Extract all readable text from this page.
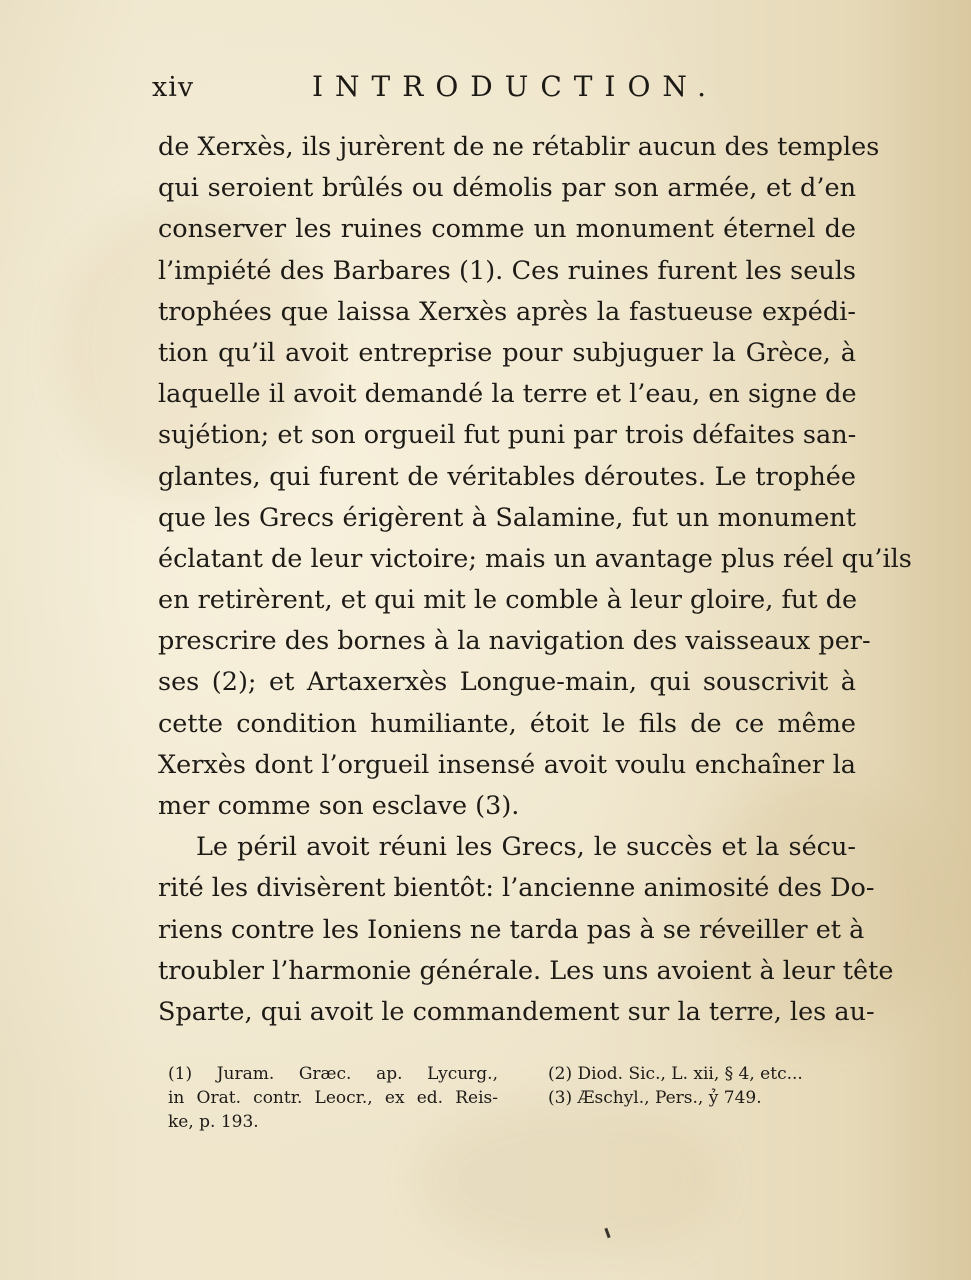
xiv	INTRODUCTION.
de Xerxès, ils jurèrent de ne rétablir aucun des temples
qui seroient brûlés ou démolis par son armée, et d’en
conserver les ruines comme un monument éternel de
l’impiété des Barbares (1). Ces ruines furent les seuls
trophées que laissa Xerxès après la fastueuse expédi-
tion qu’il avoit entreprise pour subjuguer la Grèce, à
laquelle il avoit demandé la terre et l’eau, en signe de
sujétion; et son orgueil fut puni par trois défaites san-
glantes, qui furent de véritables déroutes. Le trophée
que les Grecs érigèrent à Salamine, fut un monument
éclatant de leur victoire; mais un avantage plus réel qu’ils
en retirèrent, et qui mit le comble à leur gloire, fut de
prescrire des bornes à la navigation des vaisseaux per-
ses (2); et Artaxerxès Longue-main, qui souscrivit à
cette condition humiliante, étoit le fils de ce même
Xerxès dont l’orgueil insensé avoit voulu enchaîner la
mer comme son esclave (3).
Le péril avoit réuni les Grecs, le succès et la sécu-
rité les divisèrent bientôt: l’ancienne animosité des Do-
riens contre les Ioniens ne tarda pas à se réveiller et à
troubler l’harmonie générale. Les uns avoient à leur tête
Sparte, qui avoit le commandement sur la terre, les au-
(1) Juram. Græc. ap. Lycurg.,
in Orat. contr. Leocr., ex ed. Reis-
ke, p. 193.
(2) Diod. Sic., L. xii, § 4, etc...
(3) Æschyl., Pers., ỷ 749.
